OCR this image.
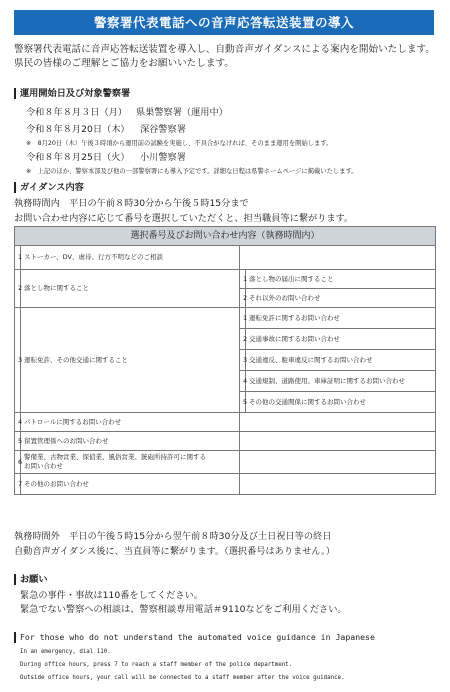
警察署代表電話への音声応答転送装置の導入
警察署代表電話に音声応答転送装置を導入し、自動音声ガイダンスによる案内を開始いたします。
県民の皆様のご理解とご協力をお願いいたします。
運用開始日及び対象警察署
令和８年８月３日（月） 県巣警察署（運用中）
令和８年８月20日（木） 深谷警察署
※　8月20日（木）午後３時頃から運用前の試験を実施し、不具合がなければ、そのまま運用を開始します。
令和８年８月25日（火） 小川警察署
※　上記のほか、警察本部及び他の一部警察署にも導入予定です。詳細な日程は県警ホームページに掲載いたします。
ガイダンス内容
執務時間内　平日の午前８時30分から午後５時15分まで
お問い合わせ内容に応じて番号を選択していただくと、担当職員等に繋がります。
選択番号及びお問い合わせ内容（執務時間内）			
1	ストーカー、DV、虐待、行方不明などのご相談		
2	落とし物に関すること	1	落とし物の届出に関すること
		2	それ以外のお問い合わせ
3	運転免許、その他交通に関すること	1	運転免許に関するお問い合わせ
		2	交通事故に関するお問い合わせ
		3	交通違反、駐車違反に関するお問い合わせ
		4	交通規制、道路使用、車庫証明に関するお問い合わせ
		5	その他の交通関係に関するお問い合わせ
4	パトロールに関するお問い合わせ		
5	留置管理係へのお問い合わせ		
6	警備業、古物営業、探偵業、風俗営業、銃砲所持許可に関する
お問い合わせ		
7	その他のお問い合わせ		
執務時間外　平日の午後５時15分から翌午前８時30分及び土日祝日等の終日
自動音声ガイダンス後に、当直員等に繋がります。（選択番号はありません。）
お願い
緊急の事件・事故は110番をしてください。
緊急でない警察への相談は、警察相談専用電話＃9110などをご利用ください。
For those who do not understand the automated voice guidance in Japanese
In an emergency, dial 110.
During office hours, press 7 to reach a staff member of the police department.
Outside office hours, your call will be connected to a staff member after the voice guidance.
